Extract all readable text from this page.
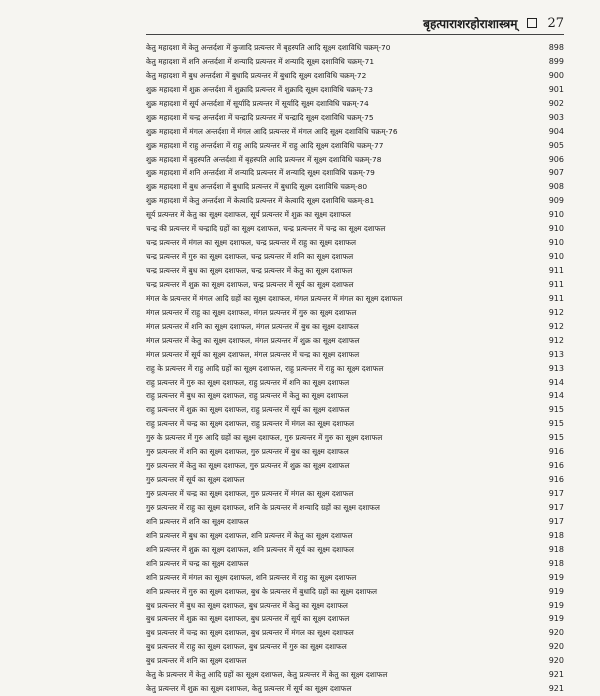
बृहत्पाराशरहोराशास्त्रम् 27
केतु महादशा में केतु अन्तर्दशा में कुजादि प्रत्यन्तर में बृहस्पति आदि सूक्ष्म दशाविधि चक्रम्-70	898
केतु महादशा में शनि अन्तर्दशा में शन्यादि प्रत्यन्तर में शन्यादि सूक्ष्म दशाविधि चक्रम्-71	899
केतु महादशा में बुध अन्तर्दशा में बुधादि प्रत्यन्तर में बुधादि सूक्ष्म दशाविधि चक्रम्-72	900
शुक्र महादशा में शुक्र अन्तर्दशा में शुक्रादि प्रत्यन्तर में शुक्रादि सूक्ष्म दशाविधि चक्रम्-73	901
शुक्र महादशा में सूर्य अन्तर्दशा में सूर्यादि प्रत्यन्तर में सूर्यादि सूक्ष्म दशाविधि चक्रम्-74	902
शुक्र महादशा में चन्द्र अन्तर्दशा में चन्द्रादि प्रत्यन्तर में चन्द्रादि सूक्ष्म दशाविधि चक्रम्-75	903
शुक्र महादशा में मंगल अन्तर्दशा में मंगल आदि प्रत्यन्तर में मंगल आदि सूक्ष्म दशाविधि चक्रम्-76	904
शुक्र महादशा में राहु अन्तर्दशा में राहु आदि प्रत्यन्तर में राहु आदि सूक्ष्म दशाविधि चक्रम्-77	905
शुक्र महादशा में बृहस्पति अन्तर्दशा में बृहस्पति आदि प्रत्यन्तर में सूक्ष्म दशाविधि चक्रम्-78	906
शुक्र महादशा में शनि अन्तर्दशा में शन्यादि प्रत्यन्तर में शन्यादि सूक्ष्म दशाविधि चक्रम्-79	907
शुक्र महादशा में बुध अन्तर्दशा में बुधादि प्रत्यन्तर में बुधादि सूक्ष्म दशाविधि चक्रम्-80	908
शुक्र महादशा में केतु अन्तर्दशा में केत्वादि प्रत्यन्तर में केत्वादि सूक्ष्म दशाविधि चक्रम्-81	909
सूर्य प्रत्यन्तर में केतु का सूक्ष्म दशाफल, सूर्य प्रत्यन्तर में शुक्र का सूक्ष्म दशाफल	910
चन्द्र की प्रत्यन्तर में चन्द्रादि ग्रहों का सूक्ष्म दशाफल, चन्द्र प्रत्यन्तर में चन्द्र का सूक्ष्म दशाफल	910
चन्द्र प्रत्यन्तर में मंगल का सूक्ष्म दशाफल, चन्द्र प्रत्यन्तर में राहु का सूक्ष्म दशाफल	910
चन्द्र प्रत्यन्तर में गुरु का सूक्ष्म दशाफल, चन्द्र प्रत्यन्तर में शनि का सूक्ष्म दशाफल	910
चन्द्र प्रत्यन्तर में बुध का सूक्ष्म दशाफल, चन्द्र प्रत्यन्तर में केतु का सूक्ष्म दशाफल	911
चन्द्र प्रत्यन्तर में शुक्र का सूक्ष्म दशाफल, चन्द्र प्रत्यन्तर में सूर्य का सूक्ष्म दशाफल	911
मंगल के प्रत्यन्तर में मंगल आदि ग्रहों का सूक्ष्म दशाफल, मंगल प्रत्यन्तर में मंगल का सूक्ष्म दशाफल	911
मंगल प्रत्यन्तर में राहु का सूक्ष्म दशाफल, मंगल प्रत्यन्तर में गुरु का सूक्ष्म दशाफल	912
मंगल प्रत्यन्तर में शनि का सूक्ष्म दशाफल, मंगल प्रत्यन्तर में बुध का सूक्ष्म दशाफल	912
मंगल प्रत्यन्तर में केतु का सूक्ष्म दशाफल, मंगल प्रत्यन्तर में शुक्र का सूक्ष्म दशाफल	912
मंगल प्रत्यन्तर में सूर्य का सूक्ष्म दशाफल, मंगल प्रत्यन्तर में चन्द्र का सूक्ष्म दशाफल	913
राहु के प्रत्यन्तर में राहु आदि ग्रहों का सूक्ष्म दशाफल, राहु प्रत्यन्तर में राहु का सूक्ष्म दशाफल	913
राहु प्रत्यन्तर में गुरु का सूक्ष्म दशाफल, राहु प्रत्यन्तर में शनि का सूक्ष्म दशाफल	914
राहु प्रत्यन्तर में बुध का सूक्ष्म दशाफल, राहु प्रत्यन्तर में केतु का सूक्ष्म दशाफल	914
राहु प्रत्यन्तर में शुक्र का सूक्ष्म दशाफल, राहु प्रत्यन्तर में सूर्य का सूक्ष्म दशाफल	915
राहु प्रत्यन्तर में चन्द्र का सूक्ष्म दशाफल, राहु प्रत्यन्तर में मंगल का सूक्ष्म दशाफल	915
गुरु के प्रत्यन्तर में गुरु आदि ग्रहों का सूक्ष्म दशाफल, गुरु प्रत्यन्तर में गुरु का सूक्ष्म दशाफल	915
गुरु प्रत्यन्तर में शनि का सूक्ष्म दशाफल, गुरु प्रत्यन्तर में बुध का सूक्ष्म दशाफल	916
गुरु प्रत्यन्तर में केतु का सूक्ष्म दशाफल, गुरु प्रत्यन्तर में शुक्र का सूक्ष्म दशाफल	916
गुरु प्रत्यन्तर में सूर्य का सूक्ष्म दशाफल	916
गुरु प्रत्यन्तर में चन्द्र का सूक्ष्म दशाफल, गुरु प्रत्यन्तर में मंगल का सूक्ष्म दशाफल	917
गुरु प्रत्यन्तर में राहु का सूक्ष्म दशाफल, शनि के प्रत्यन्तर में शन्यादि ग्रहों का सूक्ष्म दशाफल	917
शनि प्रत्यन्तर में शनि का सूक्ष्म दशाफल	917
शनि प्रत्यन्तर में बुध का सूक्ष्म दशाफल, शनि प्रत्यन्तर में केतु का सूक्ष्म दशाफल	918
शनि प्रत्यन्तर में शुक्र का सूक्ष्म दशाफल, शनि प्रत्यन्तर में सूर्य का सूक्ष्म दशाफल	918
शनि प्रत्यन्तर में चन्द्र का सूक्ष्म दशाफल	918
शनि प्रत्यन्तर में मंगल का सूक्ष्म दशाफल, शनि प्रत्यन्तर में राहु का सूक्ष्म दशाफल	919
शनि प्रत्यन्तर में गुरु का सूक्ष्म दशाफल, बुध के प्रत्यन्तर में बुधादि ग्रहों का सूक्ष्म दशाफल	919
बुध प्रत्यन्तर में बुध का सूक्ष्म दशाफल, बुध प्रत्यन्तर में केतु का सूक्ष्म दशाफल	919
बुध प्रत्यन्तर में शुक्र का सूक्ष्म दशाफल, बुध प्रत्यन्तर में सूर्य का सूक्ष्म दशाफल	919
बुध प्रत्यन्तर में चन्द्र का सूक्ष्म दशाफल, बुध प्रत्यन्तर में मंगल का सूक्ष्म दशाफल	920
बुध प्रत्यन्तर में राहु का सूक्ष्म दशाफल, बुध प्रत्यन्तर में गुरु का सूक्ष्म दशाफल	920
बुध प्रत्यन्तर में शनि का सूक्ष्म दशाफल	920
केतु के प्रत्यन्तर में केतु आदि ग्रहों का सूक्ष्म दशाफल, केतु प्रत्यन्तर में केतु का सूक्ष्म दशाफल	921
केतु प्रत्यन्तर में शुक्र का सूक्ष्म दशाफल, केतु प्रत्यन्तर में सूर्य का सूक्ष्म दशाफल	921
